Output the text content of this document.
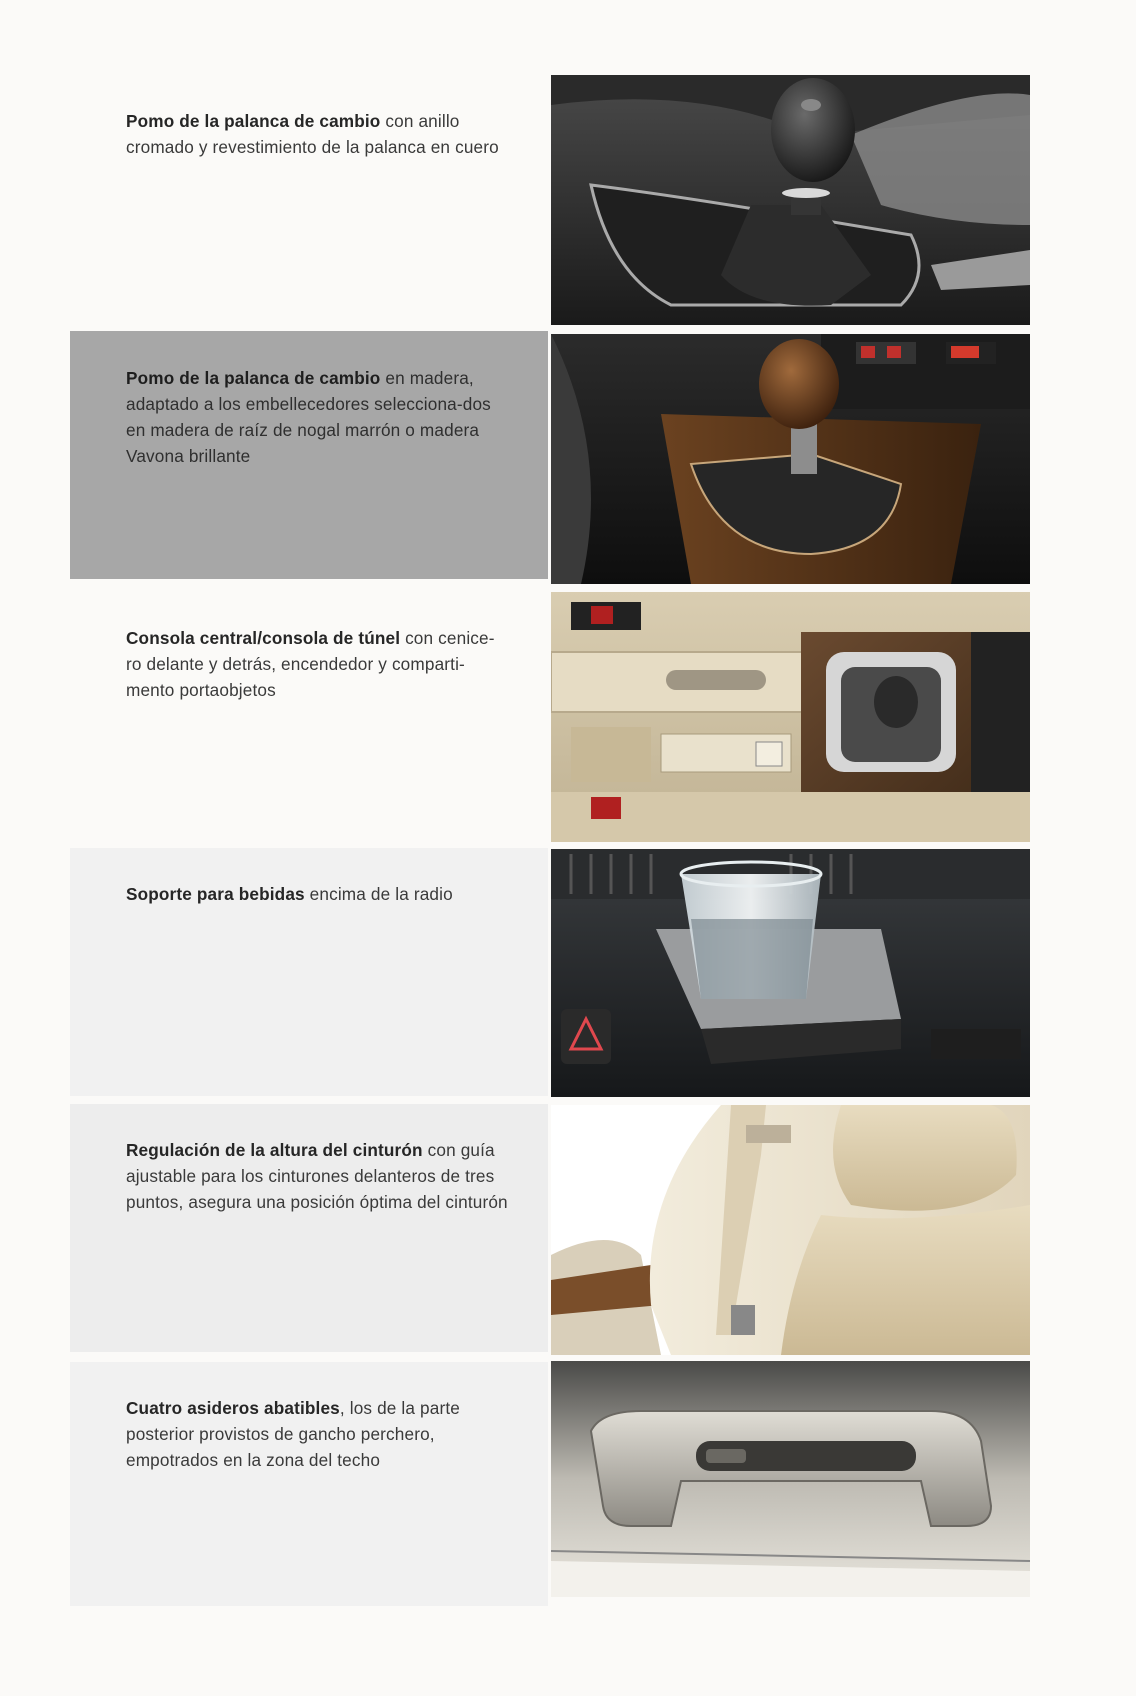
Pomo de la palanca de cambio con anillo cromado y revestimiento de la palanca en cuero
Pomo de la palanca de cambio en madera, adaptado a los embellecedores selecciona-dos en madera de raíz de nogal marrón o madera Vavona brillante
Consola central/consola de túnel con cenice-ro delante y detrás, encendedor y comparti-mento portaobjetos
Soporte para bebidas encima de la radio
Regulación de la altura del cinturón con guía ajustable para los cinturones delanteros de tres puntos, asegura una posición óptima del cinturón
Cuatro asideros abatibles, los de la parte posterior provistos de gancho perchero, empotrados en la zona del techo
